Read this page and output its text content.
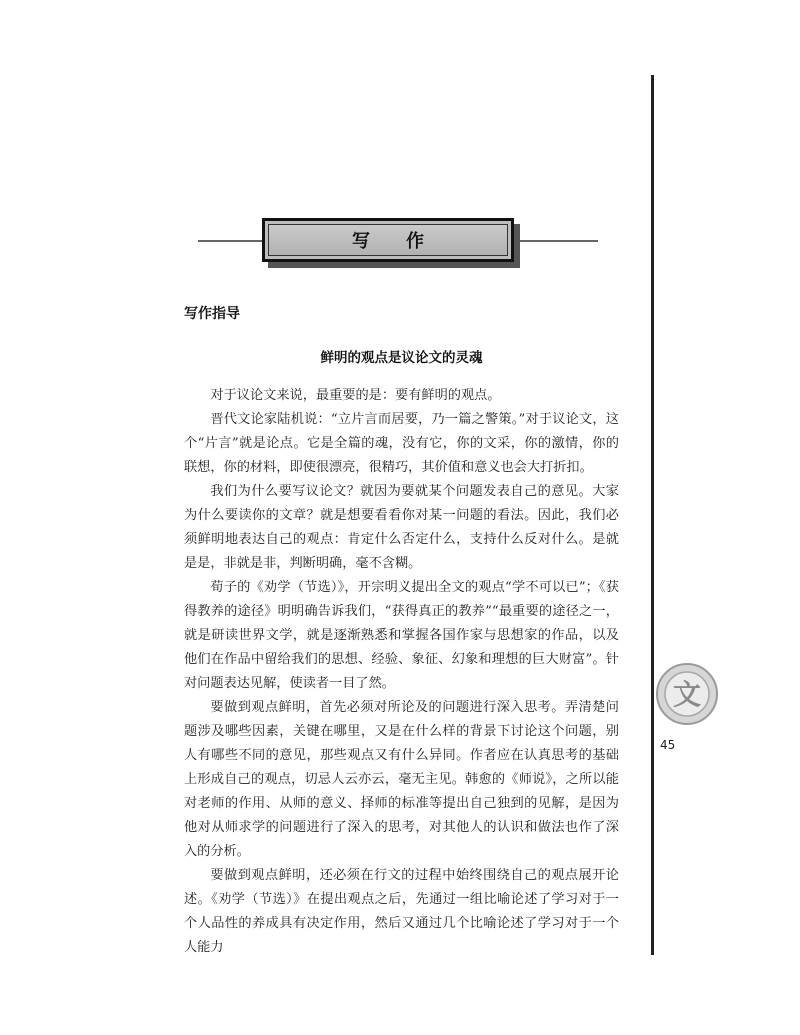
写作
写作指导
鲜明的观点是议论文的灵魂

对于议论文来说，最重要的是：要有鲜明的观点。

晋代文论家陆机说：“立片言而居要，乃一篇之警策。”对于议论文，这个“片言”就是论点。它是全篇的魂，没有它，你的文采，你的激情，你的联想，你的材料，即使很漂亮，很精巧，其价值和意义也会大打折扣。

我们为什么要写议论文？就因为要就某个问题发表自己的意见。大家为什么要读你的文章？就是想要看看你对某一问题的看法。因此，我们必须鲜明地表达自己的观点：肯定什么否定什么，支持什么反对什么。是就是是，非就是非，判断明确，毫不含糊。

荀子的《劝学（节选）》，开宗明义提出全文的观点“学不可以已”；《获得教养的途径》明明确告诉我们，“获得真正的教养”“最重要的途径之一，就是研读世界文学，就是逐渐熟悉和掌握各国作家与思想家的作品，以及他们在作品中留给我们的思想、经验、象征、幻象和理想的巨大财富”。针对问题表达见解，使读者一目了然。

要做到观点鲜明，首先必须对所论及的问题进行深入思考。弄清楚问题涉及哪些因素，关键在哪里，又是在什么样的背景下讨论这个问题，别人有哪些不同的意见，那些观点又有什么异同。作者应在认真思考的基础上形成自己的观点，切忌人云亦云，毫无主见。韩愈的《师说》，之所以能对老师的作用、从师的意义、择师的标准等提出自己独到的见解，是因为他对从师求学的问题进行了深入的思考，对其他人的认识和做法也作了深入的分析。

要做到观点鲜明，还必须在行文的过程中始终围绕自己的观点展开论述。《劝学（节选）》在提出观点之后，先通过一组比喻论述了学习对于一个人品性的养成具有决定作用，然后又通过几个比喻论述了学习对于一个人能力

文
45
